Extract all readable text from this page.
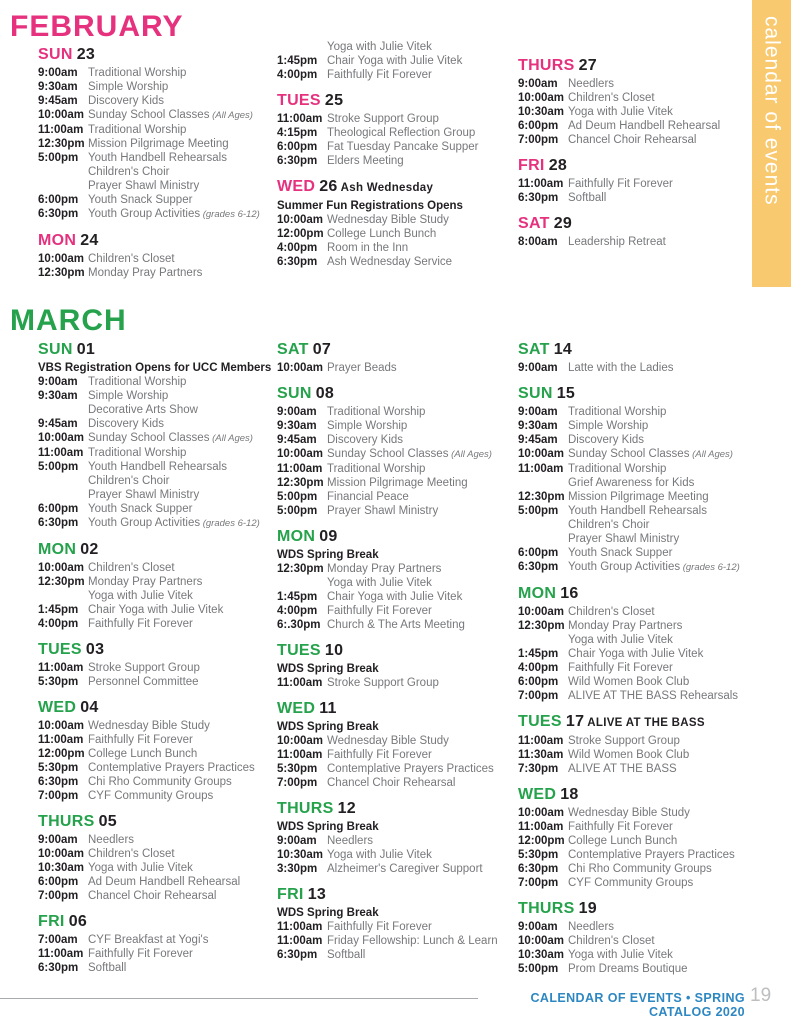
calendar of events
FEBRUARY
SUN 23
9:00am Traditional Worship
9:30am Simple Worship
9:45am Discovery Kids
10:00am Sunday School Classes (All Ages)
11:00am Traditional Worship
12:30pm Mission Pilgrimage Meeting
5:00pm Youth Handbell Rehearsals
Children's Choir
Prayer Shawl Ministry
6:00pm Youth Snack Supper
6:30pm Youth Group Activities (grades 6-12)
MON 24
10:00am Children's Closet
12:30pm Monday Pray Partners
Yoga with Julie Vitek
1:45pm Chair Yoga with Julie Vitek
4:00pm Faithfully Fit Forever
TUES 25
11:00am Stroke Support Group
4:15pm Theological Reflection Group
6:00pm Fat Tuesday Pancake Supper
6:30pm Elders Meeting
WED 26 Ash Wednesday
Summer Fun Registrations Opens
10:00am Wednesday Bible Study
12:00pm College Lunch Bunch
4:00pm Room in the Inn
6:30pm Ash Wednesday Service
THURS 27
9:00am Needlers
10:00am Children's Closet
10:30am Yoga with Julie Vitek
6:00pm Ad Deum Handbell Rehearsal
7:00pm Chancel Choir Rehearsal
FRI 28
11:00am Faithfully Fit Forever
6:30pm Softball
SAT 29
8:00am Leadership Retreat
MARCH
SUN 01
VBS Registration Opens for UCC Members
9:00am Traditional Worship
9:30am Simple Worship
Decorative Arts Show
9:45am Discovery Kids
10:00am Sunday School Classes (All Ages)
11:00am Traditional Worship
5:00pm Youth Handbell Rehearsals
Children's Choir
Prayer Shawl Ministry
6:00pm Youth Snack Supper
6:30pm Youth Group Activities (grades 6-12)
MON 02
10:00am Children's Closet
12:30pm Monday Pray Partners
Yoga with Julie Vitek
1:45pm Chair Yoga with Julie Vitek
4:00pm Faithfully Fit Forever
TUES 03
11:00am Stroke Support Group
5:30pm Personnel Committee
WED 04
10:00am Wednesday Bible Study
11:00am Faithfully Fit Forever
12:00pm College Lunch Bunch
5:30pm Contemplative Prayers Practices
6:30pm Chi Rho Community Groups
7:00pm CYF Community Groups
THURS 05
9:00am Needlers
10:00am Children's Closet
10:30am Yoga with Julie Vitek
6:00pm Ad Deum Handbell Rehearsal
7:00pm Chancel Choir Rehearsal
FRI 06
7:00am CYF Breakfast at Yogi's
11:00am Faithfully Fit Forever
6:30pm Softball
SAT 07
10:00am Prayer Beads
SUN 08
9:00am Traditional Worship
9:30am Simple Worship
9:45am Discovery Kids
10:00am Sunday School Classes (All Ages)
11:00am Traditional Worship
12:30pm Mission Pilgrimage Meeting
5:00pm Financial Peace
5:00pm Prayer Shawl Ministry
MON 09
WDS Spring Break
12:30pm Monday Pray Partners
Yoga with Julie Vitek
1:45pm Chair Yoga with Julie Vitek
4:00pm Faithfully Fit Forever
6:.30pm Church & The Arts Meeting
TUES 10
WDS Spring Break
11:00am Stroke Support Group
WED 11
WDS Spring Break
10:00am Wednesday Bible Study
11:00am Faithfully Fit Forever
5:30pm Contemplative Prayers Practices
7:00pm Chancel Choir Rehearsal
THURS 12
WDS Spring Break
9:00am Needlers
10:30am Yoga with Julie Vitek
3:30pm Alzheimer's Caregiver Support
FRI 13
WDS Spring Break
11:00am Faithfully Fit Forever
11:00am Friday Fellowship: Lunch & Learn
6:30pm Softball
SAT 14
9:00am Latte with the Ladies
SUN 15
9:00am Traditional Worship
9:30am Simple Worship
9:45am Discovery Kids
10:00am Sunday School Classes (All Ages)
11:00am Traditional Worship
Grief Awareness for Kids
12:30pm Mission Pilgrimage Meeting
5:00pm Youth Handbell Rehearsals
Children's Choir
Prayer Shawl Ministry
6:00pm Youth Snack Supper
6:30pm Youth Group Activities (grades 6-12)
MON 16
10:00am Children's Closet
12:30pm Monday Pray Partners
Yoga with Julie Vitek
1:45pm Chair Yoga with Julie Vitek
4:00pm Faithfully Fit Forever
6:00pm Wild Women Book Club
7:00pm ALIVE AT THE BASS Rehearsals
TUES 17 ALIVE AT THE BASS
11:00am Stroke Support Group
11:30am Wild Women Book Club
7:30pm ALIVE AT THE BASS
WED 18
10:00am Wednesday Bible Study
11:00am Faithfully Fit Forever
12:00pm College Lunch Bunch
5:30pm Contemplative Prayers Practices
6:30pm Chi Rho Community Groups
7:00pm CYF Community Groups
THURS 19
9:00am Needlers
10:00am Children's Closet
10:30am Yoga with Julie Vitek
5:00pm Prom Dreams Boutique
CALENDAR OF EVENTS • SPRING CATALOG 2020
19
